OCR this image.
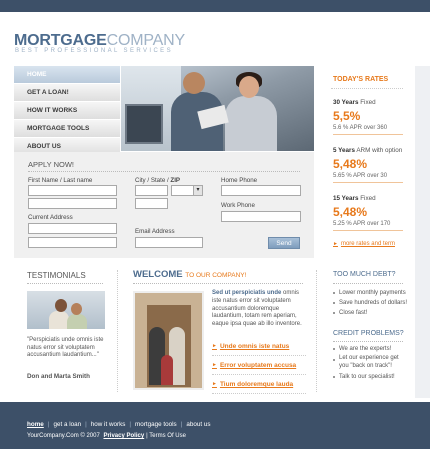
MORTGAGECOMPANY
BEST PROFESSIONAL SERVICES
HOME
GET A LOAN!
HOW IT WORKS
MORTGAGE TOOLS
ABOUT US
APPLY NOW!
First Name / Last name	City / State / ZIP
▾
Home Phone
Current Address
Work Phone
Email Address
Send
TODAY'S RATES
30 Years Fixed
5,5%
5.6 % APR over 360
5 Years ARM with option
5,48%
5.65 % APR over 30
15 Years Fixed
5,48%
5.25 % APR over 170
► more rates and term
TESTIMONIALS
"Perspiciatis unde omnis iste natus error sit voluptatem accusantium laudantium..."
Don and Marta Smith
WELCOME TO OUR COMPANY!
Sed ut perspiciatis unde omnis iste natus error sit voluptatem accusantium doloremque laudantium, totam rem aperiam, eaque ipsa quae ab illo inventore.
► Unde omnis iste natus
► Error voluptatem accusa
► Tium doloremque lauda
TOO MUCH DEBT?
Lower monthly payments
Save hundreds of dollars!
Close fast!
CREDIT PROBLEMS?
We are the experts!
Let our experience get you "back on track"!
Talk to our specialist!
home | get a loan | how it works | mortgage tools | about us
YourCompany.Com © 2007 Privacy Policy | Terms Of Use
